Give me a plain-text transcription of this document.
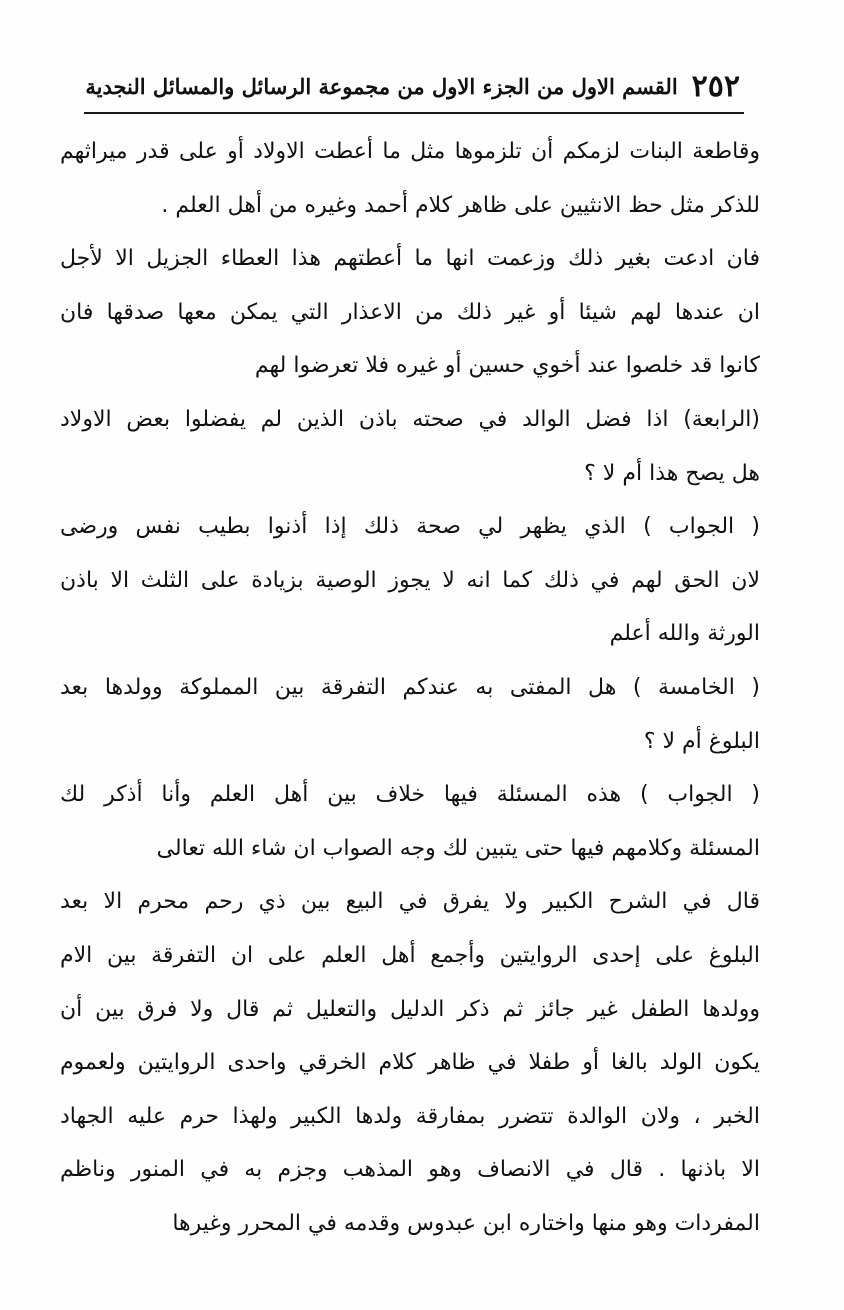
٢٥٢
القسم الاول من الجزء الاول من مجموعة الرسائل والمسائل النجدية
وقاطعة البنات لزمكم أن تلزموها مثل ما أعطت الاولاد أو على قدر ميراثهم
للذكر مثل حظ الانثيين على ظاهر كلام أحمد وغيره من أهل العلم .
فان ادعت بغير ذلك وزعمت انها ما أعطتهم هذا العطاء الجزيل الا لأجل
ان عندها لهم شيئا أو غير ذلك من الاعذار التي يمكن معها صدقها فان
كانوا قد خلصوا عند أخوي حسين أو غيره فلا تعرضوا لهم
(الرابعة) اذا فضل الوالد في صحته باذن الذين لم يفضلوا بعض الاولاد
هل يصح هذا أم لا ؟
( الجواب ) الذي يظهر لي صحة ذلك إذا أذنوا بطيب نفس ورضى
لان الحق لهم في ذلك كما انه لا يجوز الوصية بزيادة على الثلث الا باذن
الورثة والله أعلم
( الخامسة ) هل المفتى به عندكم التفرقة بين المملوكة وولدها بعد
البلوغ أم لا ؟
( الجواب ) هذه المسئلة فيها خلاف بين أهل العلم وأنا أذكر لك
المسئلة وكلامهم فيها حتى يتبين لك وجه الصواب ان شاء الله تعالى
قال في الشرح الكبير ولا يفرق في البيع بين ذي رحم محرم الا بعد
البلوغ على إحدى الروايتين وأجمع أهل العلم على ان التفرقة بين الام
وولدها الطفل غير جائز ثم ذكر الدليل والتعليل ثم قال ولا فرق بين أن
يكون الولد بالغا أو طفلا في ظاهر كلام الخرقي واحدى الروايتين ولعموم
الخبر ، ولان الوالدة تتضرر بمفارقة ولدها الكبير ولهذا حرم عليه الجهاد
الا باذنها . قال في الانصاف وهو المذهب وجزم به في المنور وناظم
المفردات وهو منها واختاره ابن عبدوس وقدمه في المحرر وغيرها
